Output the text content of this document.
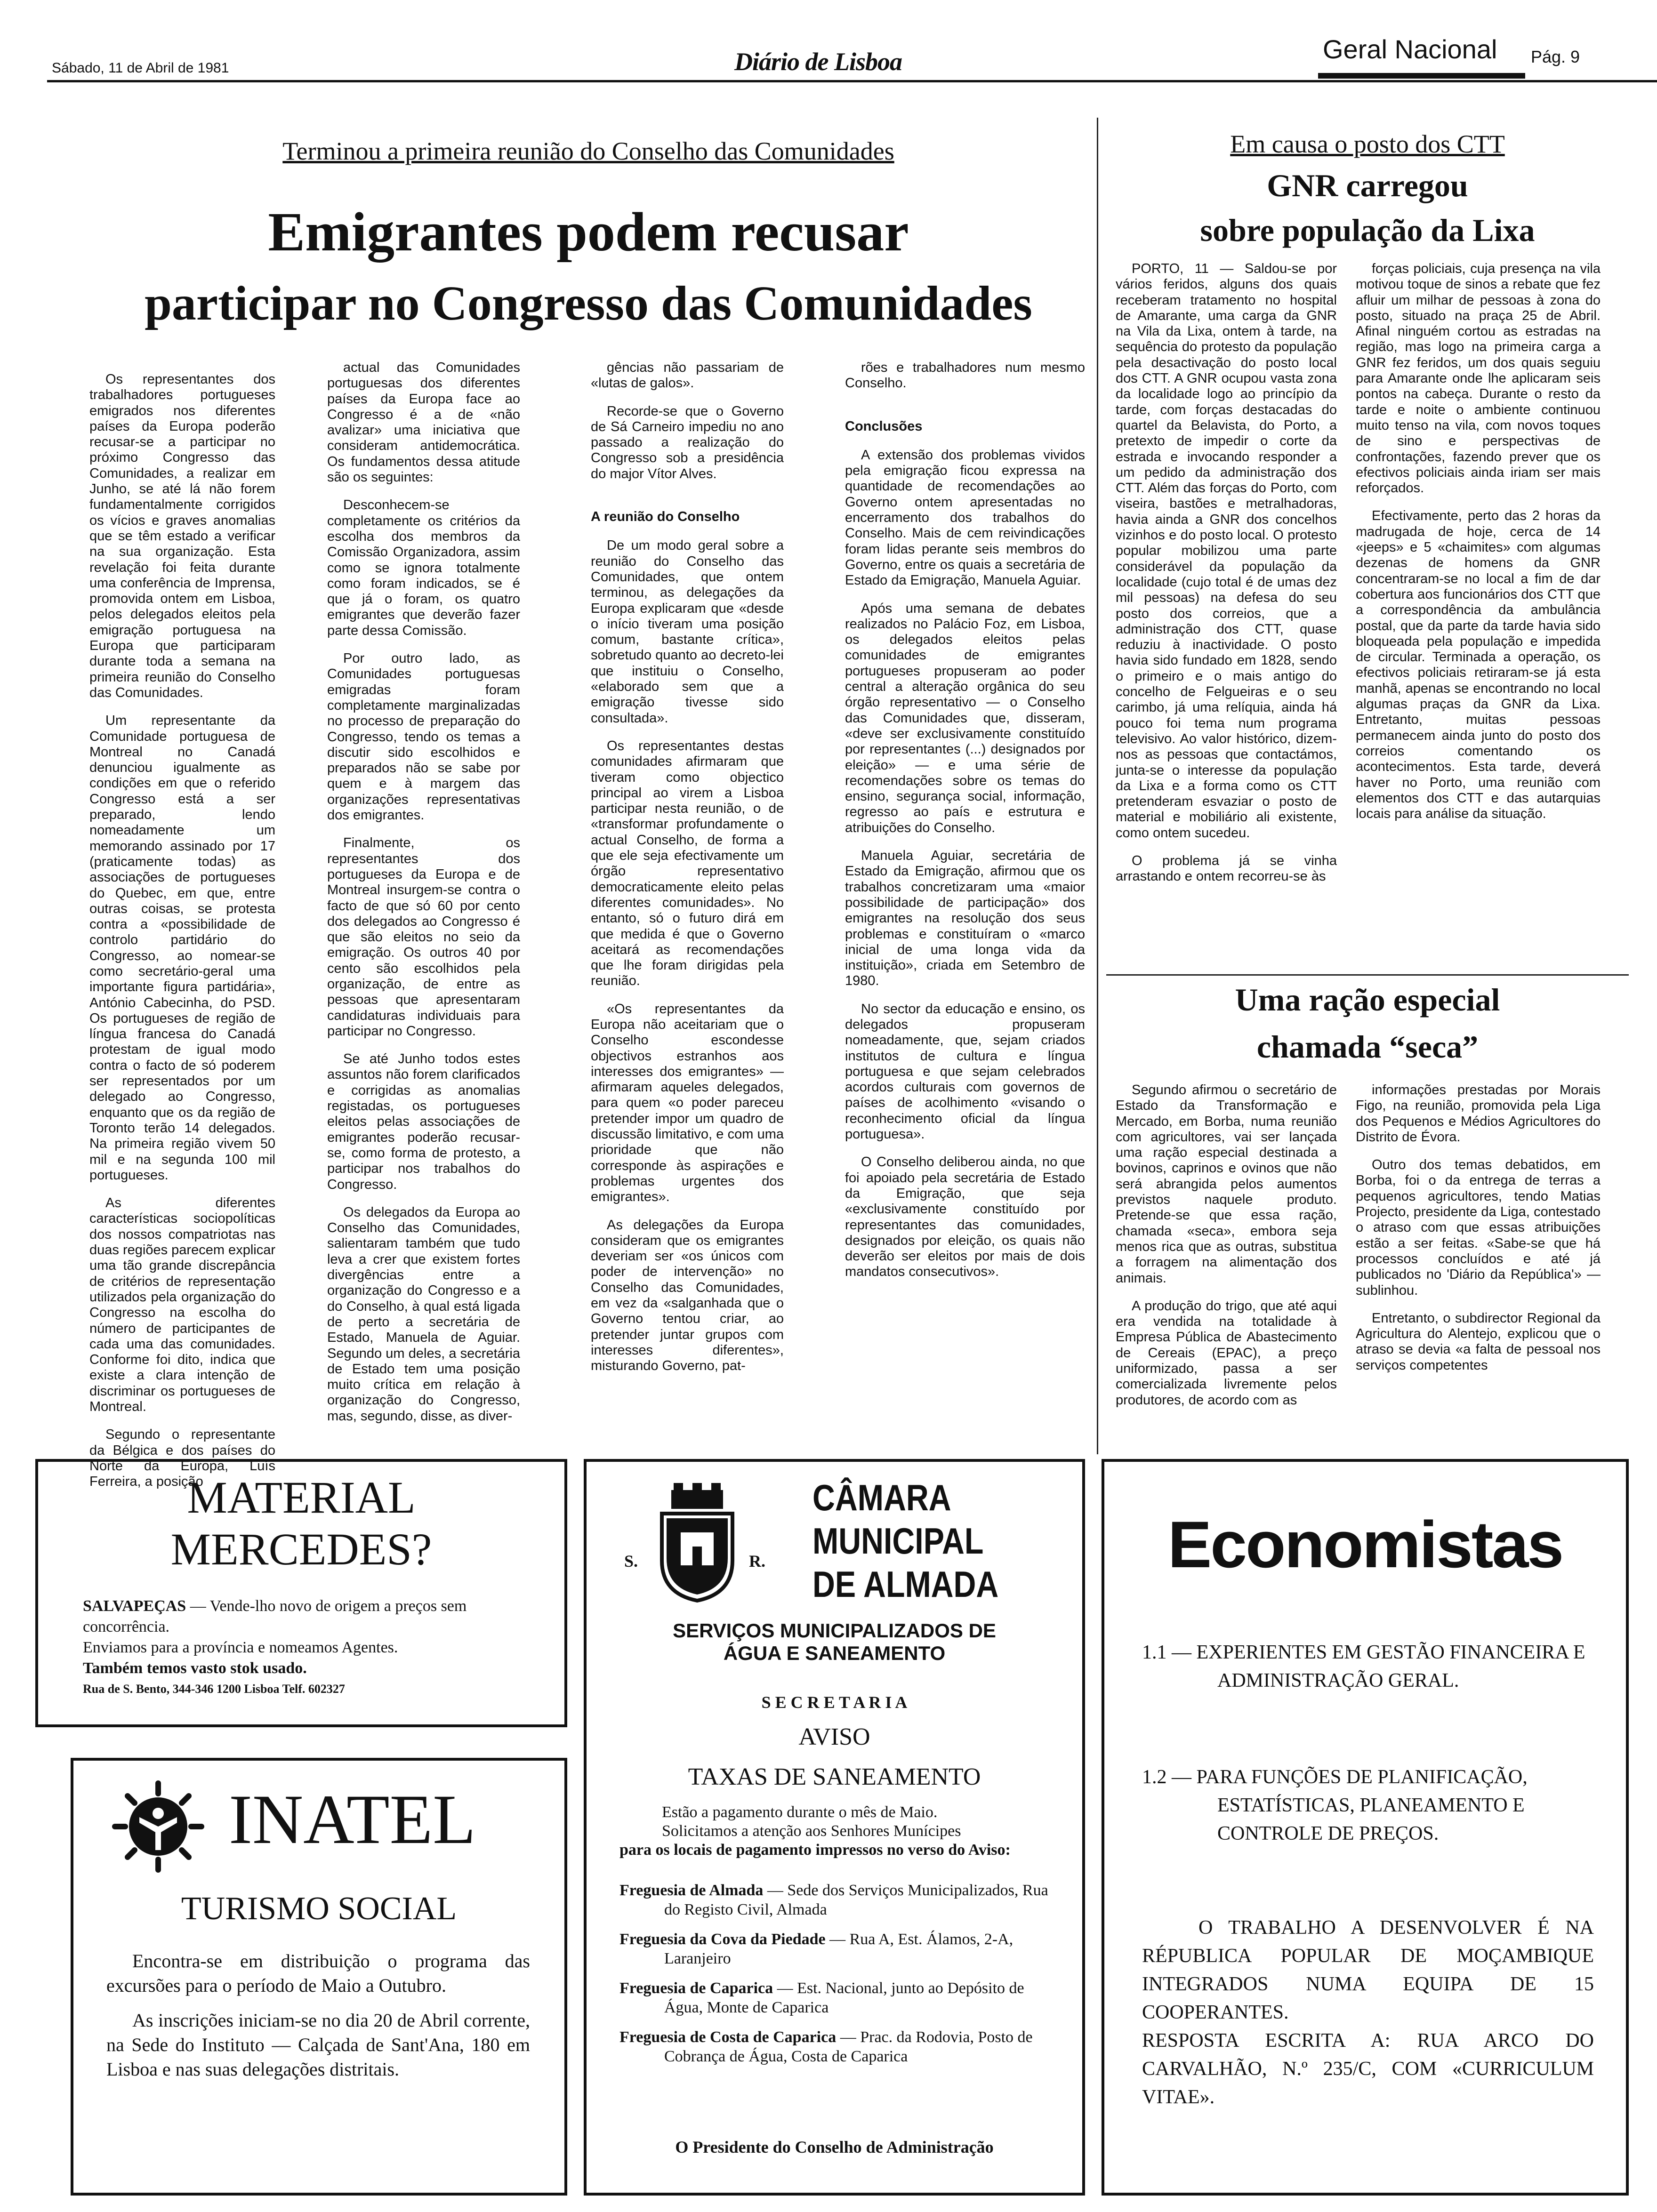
Sábado, 11 de Abril de 1981	Diário de Lisboa	Geral Nacional Pág. 9
Terminou a primeira reunião do Conselho das Comunidades
Emigrantes podem recusar
participar no Congresso das Comunidades

Os representantes dos trabalhadores portugueses emigrados nos diferentes países da Europa poderão recusar-se a participar no próximo Congresso das Comunidades, a realizar em Junho, se até lá não forem fundamentalmente corrigidos os vícios e graves anomalias que se têm estado a verificar na sua organização. Esta revelação foi feita durante uma conferência de Imprensa, promovida ontem em Lisboa, pelos delegados eleitos pela emigração portuguesa na Europa que participaram durante toda a semana na primeira reunião do Conselho das Comunidades.

Um representante da Comunidade portuguesa de Montreal no Canadá denunciou igualmente as condições em que o referido Congresso está a ser preparado, lendo nomeadamente um memorando assinado por 17 (praticamente todas) as associações de portugueses do Quebec, em que, entre outras coisas, se protesta contra a «possibilidade de controlo partidário do Congresso, ao nomear-se como secretário-geral uma importante figura partidária», António Cabecinha, do PSD. Os portugueses de região de língua francesa do Canadá protestam de igual modo contra o facto de só poderem ser representados por um delegado ao Congresso, enquanto que os da região de Toronto terão 14 delegados. Na primeira região vivem 50 mil e na segunda 100 mil portugueses.

As diferentes características sociopolíticas dos nossos compatriotas nas duas regiões parecem explicar uma tão grande discrepância de critérios de representação utilizados pela organização do Congresso na escolha do número de participantes de cada uma das comunidades. Conforme foi dito, indica que existe a clara intenção de discriminar os portugueses de Montreal.

Segundo o representante da Bélgica e dos países do Norte da Europa, Luís Ferreira, a posição

actual das Comunidades portuguesas dos diferentes países da Europa face ao Congresso é a de «não avalizar» uma iniciativa que consideram antidemocrática. Os fundamentos dessa atitude são os seguintes:

Desconhecem-se completamente os critérios da escolha dos membros da Comissão Organizadora, assim como se ignora totalmente como foram indicados, se é que já o foram, os quatro emigrantes que deverão fazer parte dessa Comissão.

Por outro lado, as Comunidades portuguesas emigradas foram completamente marginalizadas no processo de preparação do Congresso, tendo os temas a discutir sido escolhidos e preparados não se sabe por quem e à margem das organizações representativas dos emigrantes.

Finalmente, os representantes dos portugueses da Europa e de Montreal insurgem-se contra o facto de que só 60 por cento dos delegados ao Congresso é que são eleitos no seio da emigração. Os outros 40 por cento são escolhidos pela organização, de entre as pessoas que apresentaram candidaturas individuais para participar no Congresso.

Se até Junho todos estes assuntos não forem clarificados e corrigidas as anomalias registadas, os portugueses eleitos pelas associações de emigrantes poderão recusar-se, como forma de protesto, a participar nos trabalhos do Congresso.

Os delegados da Europa ao Conselho das Comunidades, salientaram também que tudo leva a crer que existem fortes divergências entre a organização do Congresso e a do Conselho, à qual está ligada de perto a secretária de Estado, Manuela de Aguiar. Segundo um deles, a secretária de Estado tem uma posição muito crítica em relação à organização do Congresso, mas, segundo, disse, as diver-

gências não passariam de «lutas de galos».

Recorde-se que o Governo de Sá Carneiro impediu no ano passado a realização do Congresso sob a presidência do major Vítor Alves.

A reunião do Conselho

De um modo geral sobre a reunião do Conselho das Comunidades, que ontem terminou, as delegações da Europa explicaram que «desde o início tiveram uma posição comum, bastante crítica», sobretudo quanto ao decreto-lei que instituiu o Conselho, «elaborado sem que a emigração tivesse sido consultada».

Os representantes destas comunidades afirmaram que tiveram como objectico principal ao virem a Lisboa participar nesta reunião, o de «transformar profundamente o actual Conselho, de forma a que ele seja efectivamente um órgão representativo democraticamente eleito pelas diferentes comunidades». No entanto, só o futuro dirá em que medida é que o Governo aceitará as recomendações que lhe foram dirigidas pela reunião.

«Os representantes da Europa não aceitariam que o Conselho escondesse objectivos estranhos aos interesses dos emigrantes» — afirmaram aqueles delegados, para quem «o poder pareceu pretender impor um quadro de discussão limitativo, e com uma prioridade que não corresponde às aspirações e problemas urgentes dos emigrantes».

As delegações da Europa consideram que os emigrantes deveriam ser «os únicos com poder de intervenção» no Conselho das Comunidades, em vez da «salganhada que o Governo tentou criar, ao pretender juntar grupos com interesses diferentes», misturando Governo, pat-

rões e trabalhadores num mesmo Conselho.

Conclusões

A extensão dos problemas vividos pela emigração ficou expressa na quantidade de recomendações ao Governo ontem apresentadas no encerramento dos trabalhos do Conselho. Mais de cem reivindicações foram lidas perante seis membros do Governo, entre os quais a secretária de Estado da Emigração, Manuela Aguiar.

Após uma semana de debates realizados no Palácio Foz, em Lisboa, os delegados eleitos pelas comunidades de emigrantes portugueses propuseram ao poder central a alteração orgânica do seu órgão representativo — o Conselho das Comunidades que, disseram, «deve ser exclusivamente constituído por representantes (...) designados por eleição» — e uma série de recomendações sobre os temas do ensino, segurança social, informação, regresso ao país e estrutura e atribuições do Conselho.

Manuela Aguiar, secretária de Estado da Emigração, afirmou que os trabalhos concretizaram uma «maior possibilidade de participação» dos emigrantes na resolução dos seus problemas e constituíram o «marco inicial de uma longa vida da instituição», criada em Setembro de 1980.

No sector da educação e ensino, os delegados propuseram nomeadamente, que, sejam criados institutos de cultura e língua portuguesa e que sejam celebrados acordos culturais com governos de países de acolhimento «visando o reconhecimento oficial da língua portuguesa».

O Conselho deliberou ainda, no que foi apoiado pela secretária de Estado da Emigração, que seja «exclusivamente constituído por representantes das comunidades, designados por eleição, os quais não deverão ser eleitos por mais de dois mandatos consecutivos».

Em causa o posto dos CTT
GNR carregou
sobre população da Lixa

PORTO, 11 — Saldou-se por vários feridos, alguns dos quais receberam tratamento no hospital de Amarante, uma carga da GNR na Vila da Lixa, ontem à tarde, na sequência do protesto da população pela desactivação do posto local dos CTT. A GNR ocupou vasta zona da localidade logo ao princípio da tarde, com forças destacadas do quartel da Belavista, do Porto, a pretexto de impedir o corte da estrada e invocando responder a um pedido da administração dos CTT. Além das forças do Porto, com viseira, bastões e metralhadoras, havia ainda a GNR dos concelhos vizinhos e do posto local. O protesto popular mobilizou uma parte considerável da população da localidade (cujo total é de umas dez mil pessoas) na defesa do seu posto dos correios, que a administração dos CTT, quase reduziu à inactividade. O posto havia sido fundado em 1828, sendo o primeiro e o mais antigo do concelho de Felgueiras e o seu carimbo, já uma relíquia, ainda há pouco foi tema num programa televisivo. Ao valor histórico, dizem-nos as pessoas que contactámos, junta-se o interesse da população da Lixa e a forma como os CTT pretenderam esvaziar o posto de material e mobiliário ali existente, como ontem sucedeu.

O problema já se vinha arrastando e ontem recorreu-se às

forças policiais, cuja presença na vila motivou toque de sinos a rebate que fez afluir um milhar de pessoas à zona do posto, situado na praça 25 de Abril. Afinal ninguém cortou as estradas na região, mas logo na primeira carga a GNR fez feridos, um dos quais seguiu para Amarante onde lhe aplicaram seis pontos na cabeça. Durante o resto da tarde e noite o ambiente continuou muito tenso na vila, com novos toques de sino e perspectivas de confrontações, fazendo prever que os efectivos policiais ainda iriam ser mais reforçados.

Efectivamente, perto das 2 horas da madrugada de hoje, cerca de 14 «jeeps» e 5 «chaimites» com algumas dezenas de homens da GNR concentraram-se no local a fim de dar cobertura aos funcionários dos CTT que a correspondência da ambulância postal, que da parte da tarde havia sido bloqueada pela população e impedida de circular. Terminada a operação, os efectivos policiais retiraram-se já esta manhã, apenas se encontrando no local algumas praças da GNR da Lixa. Entretanto, muitas pessoas permanecem ainda junto do posto dos correios comentando os acontecimentos. Esta tarde, deverá haver no Porto, uma reunião com elementos dos CTT e das autarquias locais para análise da situação.

Uma ração especial
chamada “seca”

Segundo afirmou o secretário de Estado da Transformação e Mercado, em Borba, numa reunião com agricultores, vai ser lançada uma ração especial destinada a bovinos, caprinos e ovinos que não será abrangida pelos aumentos previstos naquele produto. Pretende-se que essa ração, chamada «seca», embora seja menos rica que as outras, substitua a forragem na alimentação dos animais.

A produção do trigo, que até aqui era vendida na totalidade à Empresa Pública de Abastecimento de Cereais (EPAC), a preço uniformizado, passa a ser comercializada livremente pelos produtores, de acordo com as

informações prestadas por Morais Figo, na reunião, promovida pela Liga dos Pequenos e Médios Agricultores do Distrito de Évora.

Outro dos temas debatidos, em Borba, foi o da entrega de terras a pequenos agricultores, tendo Matias Projecto, presidente da Liga, contestado o atraso com que essas atribuições estão a ser feitas. «Sabe-se que há processos concluídos e até já publicados no 'Diário da República'» — sublinhou.

Entretanto, o subdirector Regional da Agricultura do Alentejo, explicou que o atraso se devia «a falta de pessoal nos serviços competentes

MATERIAL
MERCEDES?
SALVAPEÇAS — Vende-lho novo de origem a preços sem concorrência.
Enviamos para a província e nomeamos Agentes.
Também temos vasto stok usado.
Rua de S. Bento, 344-346 1200 Lisboa Telf. 602327
INATEL
TURISMO SOCIAL

Encontra-se em distribuição o programa das excursões para o período de Maio a Outubro.

As inscrições iniciam-se no dia 20 de Abril corrente, na Sede do Instituto — Calçada de Sant'Ana, 180 em Lisboa e nas suas delegações distritais.

S.	R.
CÂMARA
MUNICIPAL
DE ALMADA
SERVIÇOS MUNICIPALIZADOS DE
ÁGUA E SANEAMENTO
S E C R E T A R I A
AVISO
TAXAS DE SANEAMENTO
Estão a pagamento durante o mês de Maio.
Solicitamos a atenção aos Senhores Munícipes
para os locais de pagamento impressos no verso do Aviso:
Freguesia de Almada — Sede dos Serviços Municipalizados, Rua do Registo Civil, Almada
Freguesia da Cova da Piedade — Rua A, Est. Álamos, 2-A, Laranjeiro
Freguesia de Caparica — Est. Nacional, junto ao Depósito de Água, Monte de Caparica
Freguesia de Costa de Caparica — Prac. da Rodovia, Posto de Cobrança de Água, Costa de Caparica
O Presidente do Conselho de Administração
Economistas
1.1 — EXPERIENTES EM GESTÃO FINANCEIRA E ADMINISTRAÇÃO GERAL.
1.2 — PARA FUNÇÕES DE PLANIFICAÇÃO, ESTATÍSTICAS, PLANEAMENTO E CONTROLE DE PREÇOS.
O TRABALHO A DESENVOLVER É NA RÉPUBLICA POPULAR DE MOÇAMBIQUE INTEGRADOS NUMA EQUIPA DE 15 COOPERANTES.
RESPOSTA ESCRITA A: RUA ARCO DO CARVALHÃO, N.º 235/C, COM «CURRICULUM VITAE».
